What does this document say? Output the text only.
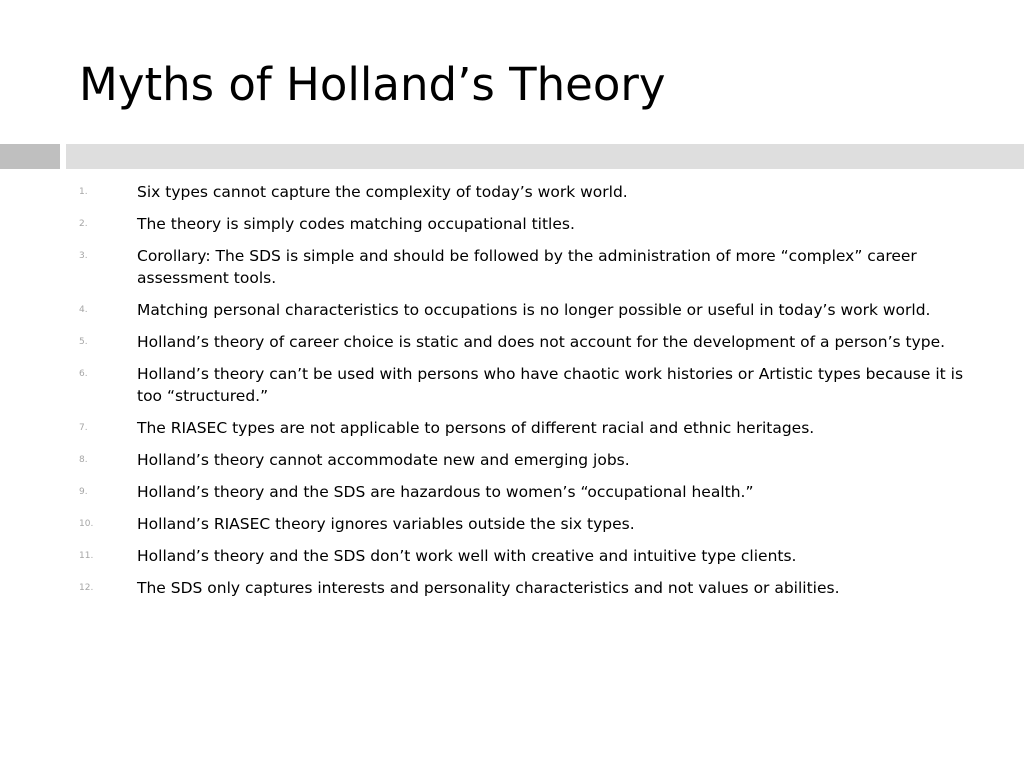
Myths of Holland’s Theory
1.	Six types cannot capture the complexity of today’s work world.
2.	The theory is simply codes matching occupational titles.
3.	Corollary: The SDS is simple and should be followed by the administration of more “complex” career assessment tools.
4.	Matching personal characteristics to occupations is no longer possible or useful in today’s work world.
5.	Holland’s theory of career choice is static and does not account for the development of a person’s type.
6.	Holland’s theory can’t be used with persons who have chaotic work histories or Artistic types because it is too “structured.”
7.	The RIASEC types are not applicable to persons of different racial and ethnic heritages.
8.	Holland’s theory cannot accommodate new and emerging jobs.
9.	Holland’s theory and the SDS are hazardous to women’s “occupational health.”
10.	Holland’s RIASEC theory ignores variables outside the six types.
11.	Holland’s theory and the SDS don’t work well with creative and intuitive type clients.
12.	The SDS only captures interests and personality characteristics and not values or abilities.
